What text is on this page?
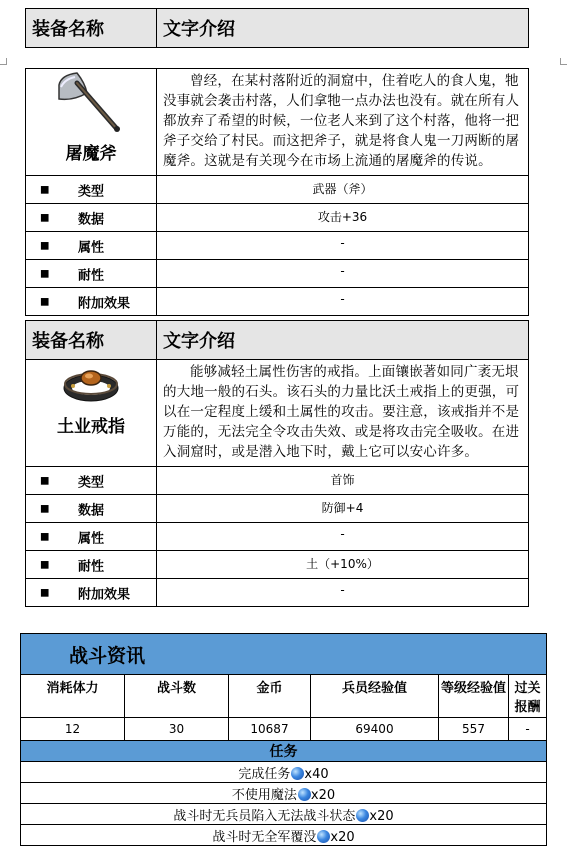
装备名称	文字介绍
屠魔斧	曾经，在某村落附近的洞窟中，住着吃人的食人鬼，牠没事就会袭击村落，人们拿牠一点办法也没有。就在所有人都放弃了希望的时候，一位老人来到了这个村落，他将一把斧子交给了村民。而这把斧子，就是将食人鬼一刀两断的屠魔斧。这就是有关现今在市场上流通的屠魔斧的传说。

■ 类型	武器（斧）

■ 数据	攻击+36

■ 属性	-

■ 耐性	-

■ 附加效果	-
装备名称	文字介绍

土业戒指	能够减轻土属性伤害的戒指。上面镶嵌著如同广袤无垠的大地一般的石头。该石头的力量比沃土戒指上的更强，可以在一定程度上缓和土属性的攻击。要注意，该戒指并不是万能的，无法完全令攻击失效、或是将攻击完全吸收。在进入洞窟时，或是潜入地下时，戴上它可以安心许多。

■ 类型	首饰

■ 数据	防御+4

■ 属性	-

■ 耐性	土（+10%）

■ 附加效果	-
战斗资讯					
消耗体力	战斗数	金币	兵员经验值	等级经验值	过关报酬
12	30	10687	69400	557	-
任务					
完成任务 x40					
不使用魔法 x20					
战斗时无兵员陷入无法战斗状态 x20					
战斗时无全军覆没 x20					
